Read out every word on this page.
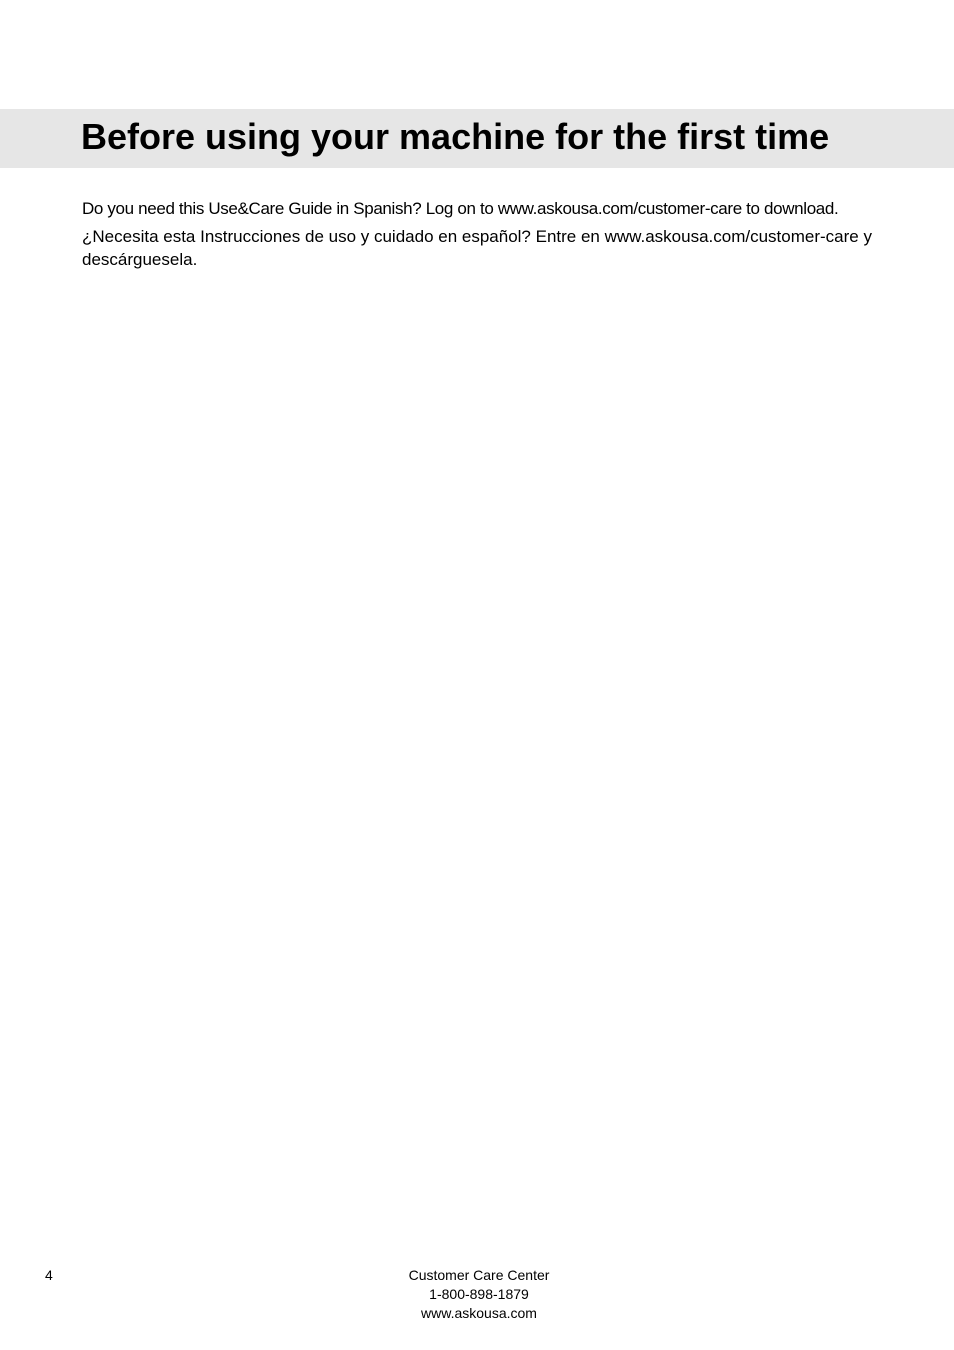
Before using your machine for the first time

Do you need this Use&Care Guide in Spanish? Log on to www.askousa.com/customer-care to download.

¿Necesita esta Instrucciones de uso y cuidado en español? Entre en www.askousa.com/customer-care y descárguesela.

4	Customer Care Center
1-800-898-1879
www.askousa.com
